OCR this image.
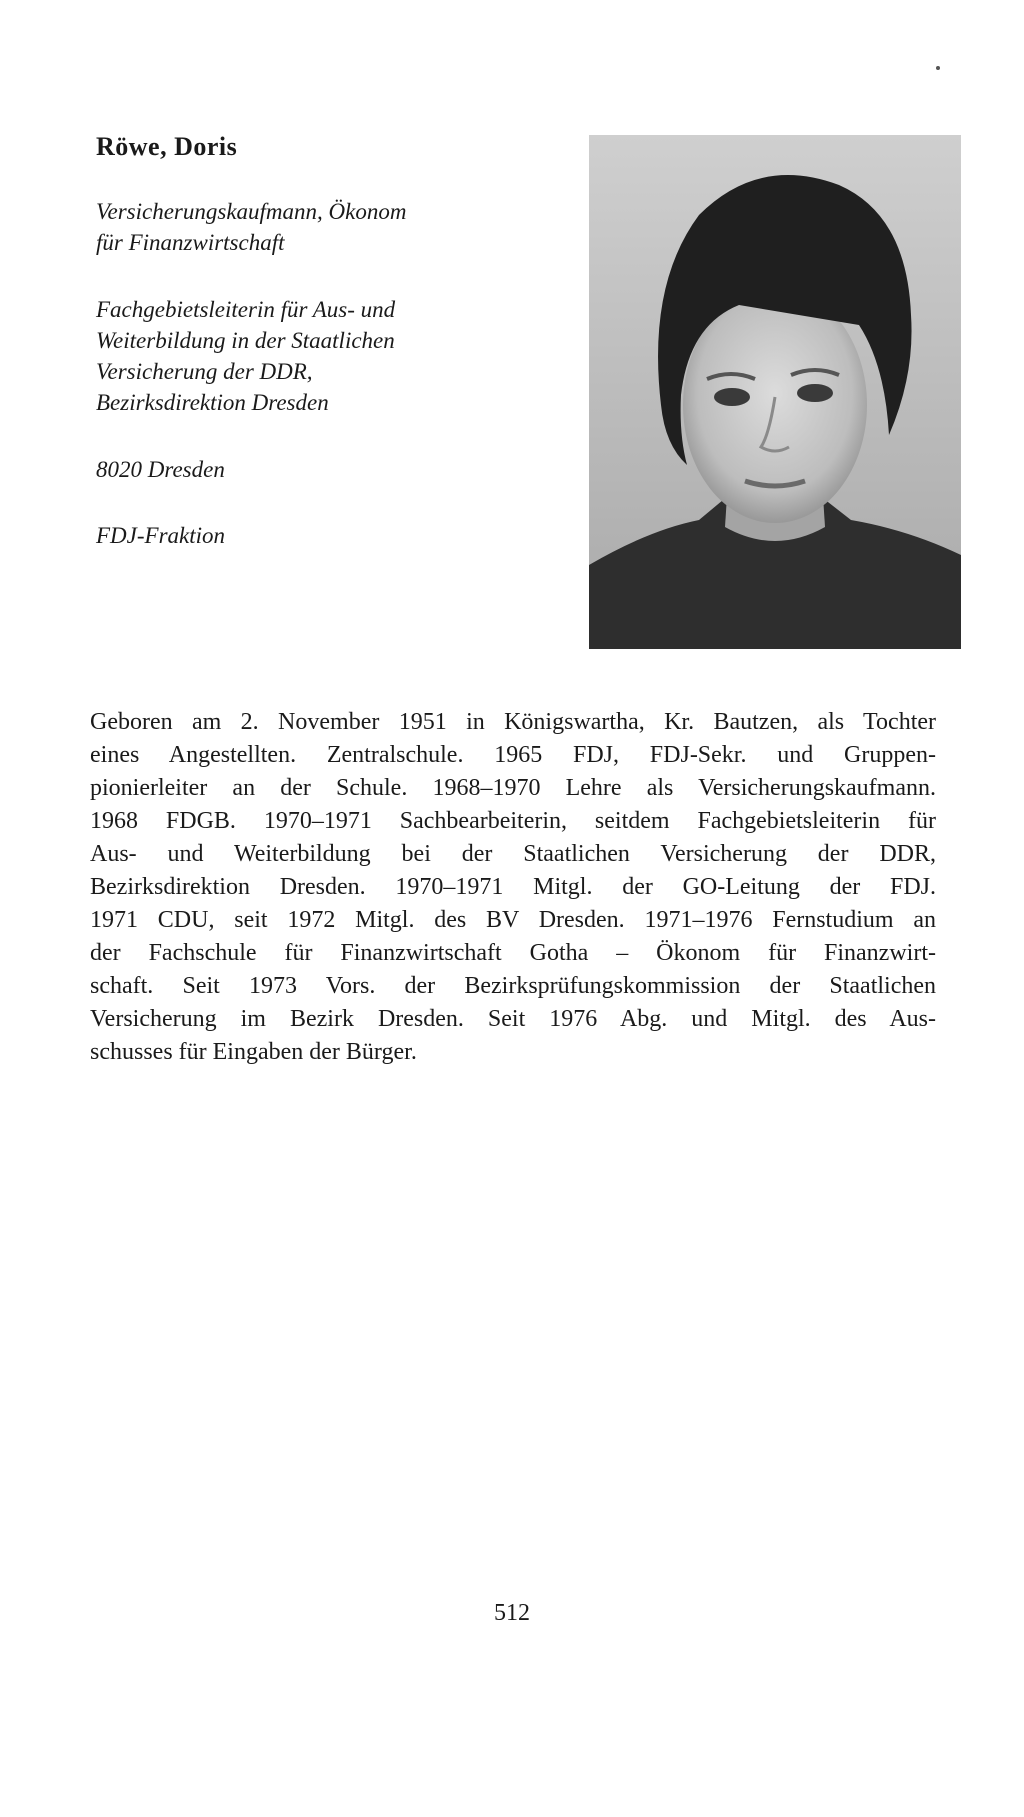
Röwe, Doris
Versicherungskaufmann, Ökonom
für Finanzwirtschaft
Fachgebietsleiterin für Aus- und
Weiterbildung in der Staatlichen
Versicherung der DDR,
Bezirksdirektion Dresden
8020 Dresden
FDJ-Fraktion
Geboren am 2. November 1951 in Königswartha, Kr. Bautzen, als Tochter
eines Angestellten. Zentralschule. 1965 FDJ, FDJ-Sekr. und Gruppen-
pionierleiter an der Schule. 1968–1970 Lehre als Versicherungskaufmann.
1968 FDGB. 1970–1971 Sachbearbeiterin, seitdem Fachgebietsleiterin für
Aus- und Weiterbildung bei der Staatlichen Versicherung der DDR,
Bezirksdirektion Dresden. 1970–1971 Mitgl. der GO-Leitung der FDJ.
1971 CDU, seit 1972 Mitgl. des BV Dresden. 1971–1976 Fernstudium an
der Fachschule für Finanzwirtschaft Gotha – Ökonom für Finanzwirt-
schaft. Seit 1973 Vors. der Bezirksprüfungskommission der Staatlichen
Versicherung im Bezirk Dresden. Seit 1976 Abg. und Mitgl. des Aus-
schusses für Eingaben der Bürger.
512
